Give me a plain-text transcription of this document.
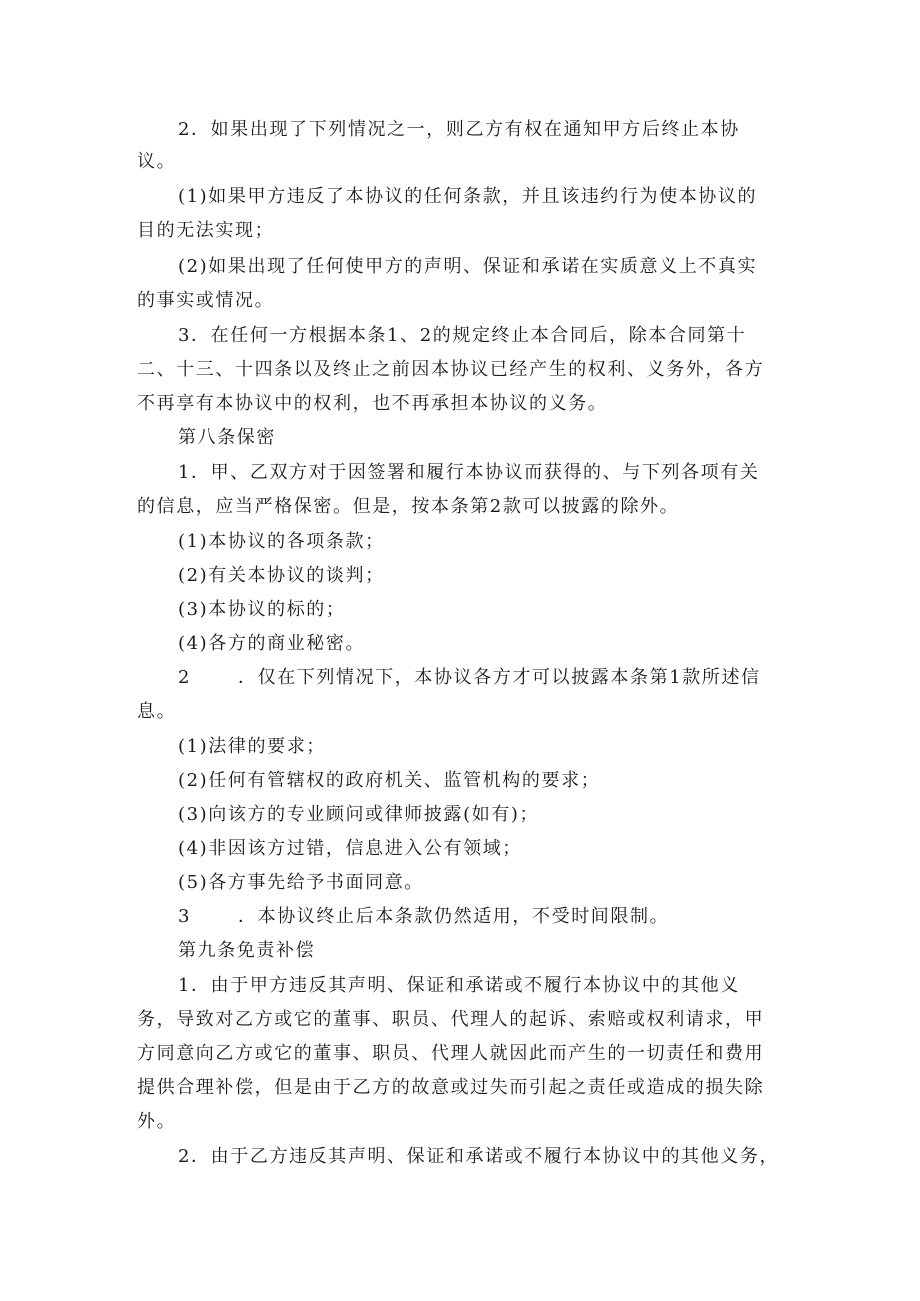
2．如果出现了下列情况之一，则乙方有权在通知甲方后终止本协
议。
(1)如果甲方违反了本协议的任何条款，并且该违约行为使本协议的
目的无法实现；
(2)如果出现了任何使甲方的声明、保证和承诺在实质意义上不真实
的事实或情况。
3．在任何一方根据本条1、2的规定终止本合同后，除本合同第十
二、十三、十四条以及终止之前因本协议已经产生的权利、义务外，各方
不再享有本协议中的权利，也不再承担本协议的义务。
第八条保密
1．甲、乙双方对于因签署和履行本协议而获得的、与下列各项有关
的信息，应当严格保密。但是，按本条第2款可以披露的除外。
(1)本协议的各项条款；
(2)有关本协议的谈判；
(3)本协议的标的；
(4)各方的商业秘密。
2	．仅在下列情况下，本协议各方才可以披露本条第1款所述信
息。
(1)法律的要求；
(2)任何有管辖权的政府机关、监管机构的要求；
(3)向该方的专业顾问或律师披露(如有)；
(4)非因该方过错，信息进入公有领域；
(5)各方事先给予书面同意。
3	．本协议终止后本条款仍然适用，不受时间限制。
第九条免责补偿
1．由于甲方违反其声明、保证和承诺或不履行本协议中的其他义
务，导致对乙方或它的董事、职员、代理人的起诉、索赔或权利请求，甲
方同意向乙方或它的董事、职员、代理人就因此而产生的一切责任和费用
提供合理补偿，但是由于乙方的故意或过失而引起之责任或造成的损失除
外。
2．由于乙方违反其声明、保证和承诺或不履行本协议中的其他义务，
